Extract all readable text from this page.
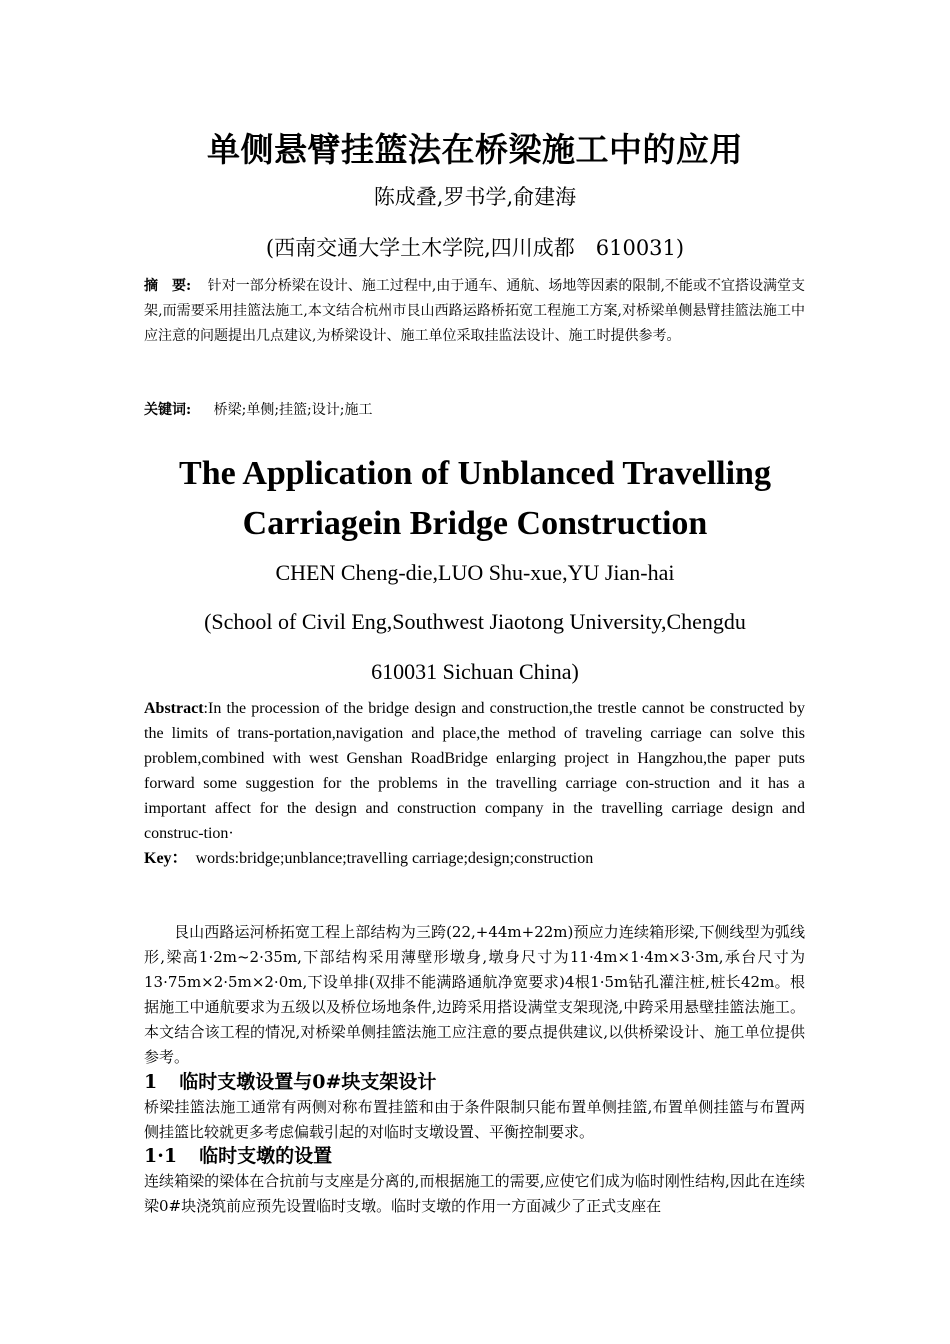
单侧悬臂挂篮法在桥梁施工中的应用
陈成叠,罗书学,俞建海
(西南交通大学土木学院,四川成都　610031)
摘　要: 针对一部分桥梁在设计、施工过程中,由于通车、通航、场地等因素的限制,不能或不宜搭设满堂支架,而需要采用挂篮法施工,本文结合杭州市艮山西路运路桥拓宽工程施工方案,对桥梁单侧悬臂挂篮法施工中应注意的问题提出几点建议,为桥梁设计、施工单位采取挂监法设计、施工时提供参考。
关键词: 桥梁;单侧;挂篮;设计;施工
The Application of Unblanced Travelling
Carriagein Bridge Construction
CHEN Cheng-die,LUO Shu-xue,YU Jian-hai
(School of Civil Eng,Southwest Jiaotong University,Chengdu
610031 Sichuan China)
Abstract:In the procession of the bridge design and construction,the trestle cannot be constructed by the limits of trans-portation,navigation and place,the method of traveling carriage can solve this problem,combined with west Genshan RoadBridge enlarging project in Hangzhou,the paper puts forward some suggestion for the problems in the travelling carriage con-struction and it has a important affect for the design and construction company in the travelling carriage design and construc-tion·
Key： words:bridge;unblance;travelling carriage;design;construction
艮山西路运河桥拓宽工程上部结构为三跨(22,+44m+22m)预应力连续箱形梁,下侧线型为弧线形,梁高1·2m~2·35m,下部结构采用薄壁形墩身,墩身尺寸为11·4m×1·4m×3·3m,承台尺寸为13·75m×2·5m×2·0m,下设单排(双排不能满路通航净宽要求)4根1·5m钻孔灌注桩,桩长42m。根据施工中通航要求为五级以及桥位场地条件,边跨采用搭设满堂支架现浇,中跨采用悬壁挂篮法施工。本文结合该工程的情况,对桥梁单侧挂篮法施工应注意的要点提供建议,以供桥梁设计、施工单位提供参考。
1 临时支墩设置与0#块支架设计
桥梁挂篮法施工通常有两侧对称布置挂篮和由于条件限制只能布置单侧挂篮,布置单侧挂篮与布置两侧挂篮比较就更多考虑偏载引起的对临时支墩设置、平衡控制要求。
1·1 临时支墩的设置
连续箱梁的梁体在合抗前与支座是分离的,而根据施工的需要,应使它们成为临时刚性结构,因此在连续梁0#块浇筑前应预先设置临时支墩。临时支墩的作用一方面减少了正式支座在
